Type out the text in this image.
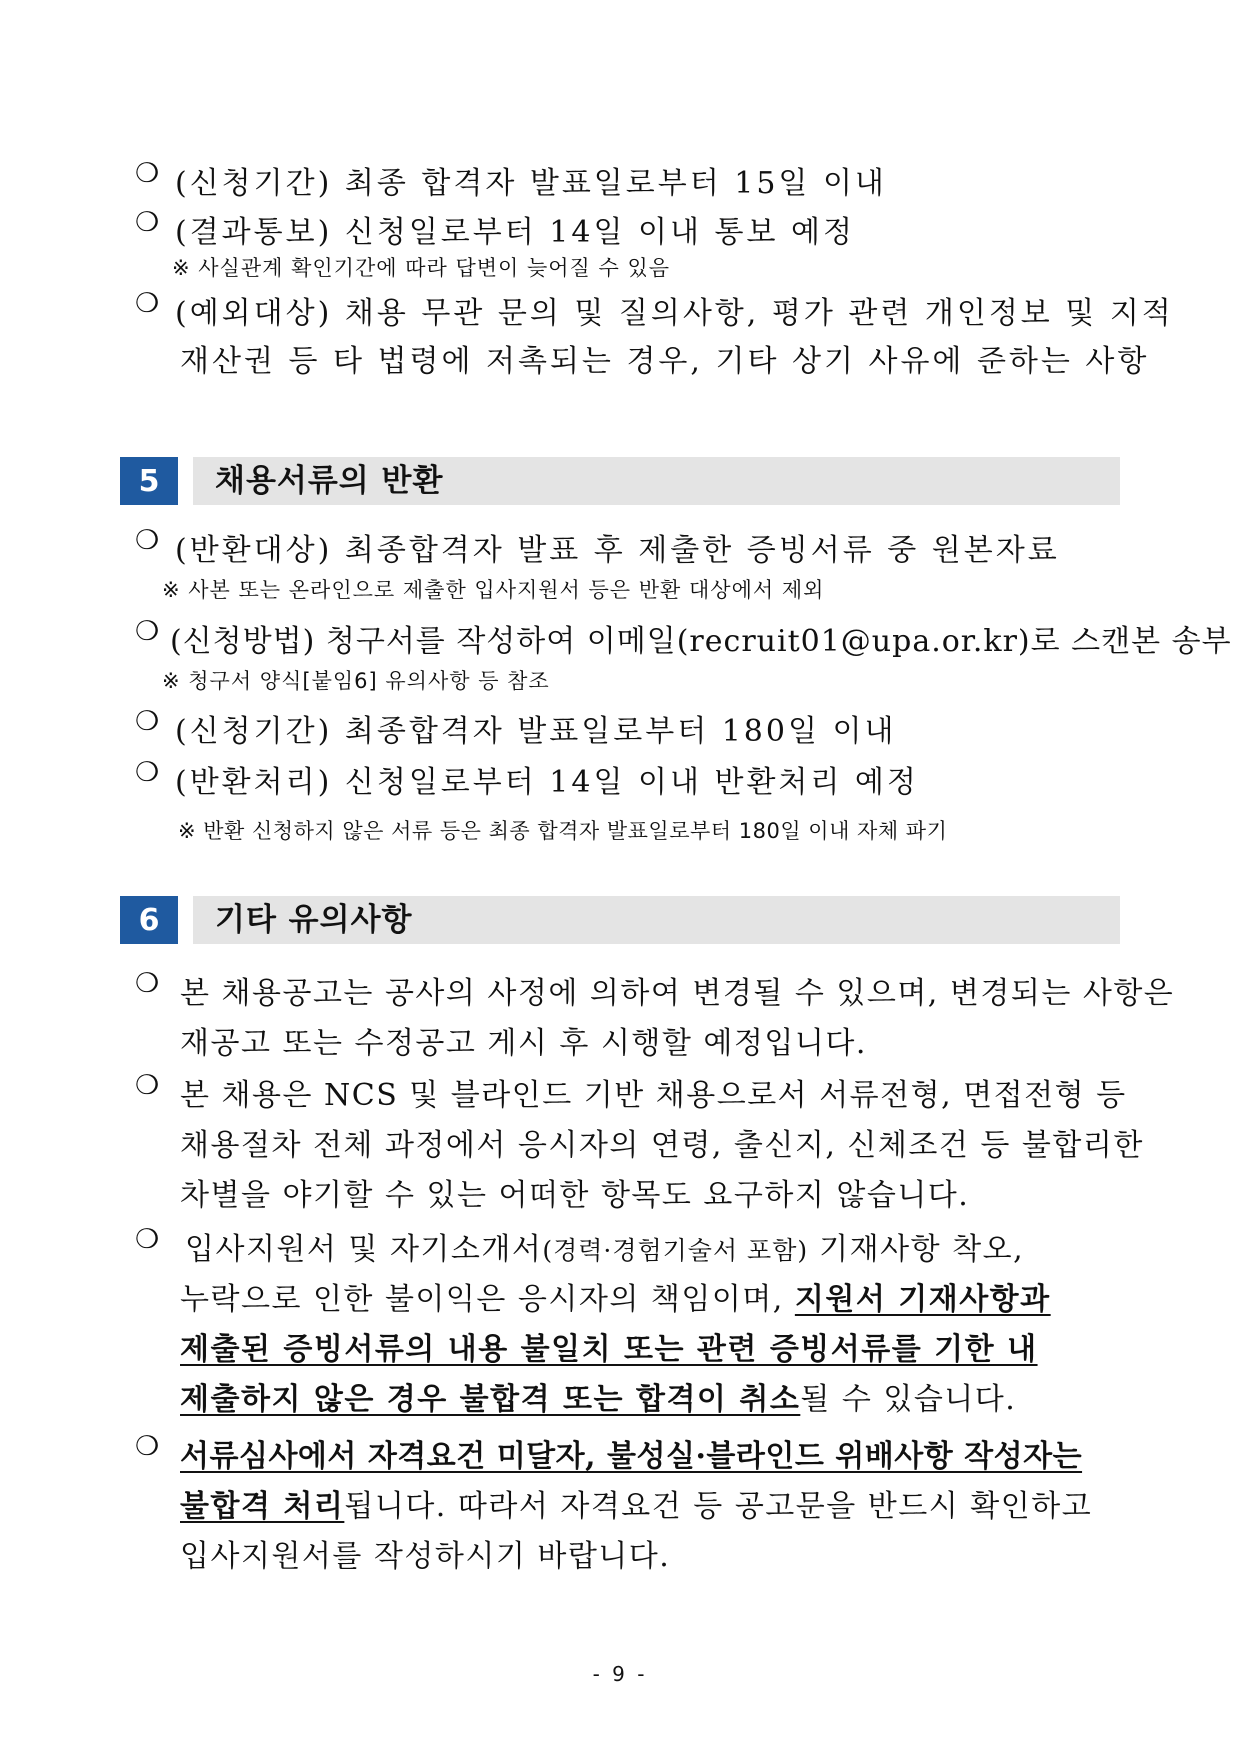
❍ (신청기간) 최종 합격자 발표일로부터 15일 이내
❍ (결과통보) 신청일로부터 14일 이내 통보 예정
※ 사실관계 확인기간에 따라 답변이 늦어질 수 있음
❍ (예외대상) 채용 무관 문의 및 질의사항, 평가 관련 개인정보 및 지적
재산권 등 타 법령에 저촉되는 경우, 기타 상기 사유에 준하는 사항
5	채용서류의 반환
❍ (반환대상) 최종합격자 발표 후 제출한 증빙서류 중 원본자료
※ 사본 또는 온라인으로 제출한 입사지원서 등은 반환 대상에서 제외
❍ (신청방법) 청구서를 작성하여 이메일(recruit01@upa.or.kr)로 스캔본 송부
※ 청구서 양식[붙임6] 유의사항 등 참조
❍ (신청기간) 최종합격자 발표일로부터 180일 이내
❍ (반환처리) 신청일로부터 14일 이내 반환처리 예정
※ 반환 신청하지 않은 서류 등은 최종 합격자 발표일로부터 180일 이내 자체 파기
6	기타 유의사항
❍ 본 채용공고는 공사의 사정에 의하여 변경될 수 있으며, 변경되는 사항은
재공고 또는 수정공고 게시 후 시행할 예정입니다.
❍ 본 채용은 NCS 및 블라인드 기반 채용으로서 서류전형, 면접전형 등
채용절차 전체 과정에서 응시자의 연령, 출신지, 신체조건 등 불합리한
차별을 야기할 수 있는 어떠한 항목도 요구하지 않습니다.
❍ 입사지원서 및 자기소개서(경력·경험기술서 포함) 기재사항 착오,
누락으로 인한 불이익은 응시자의 책임이며, 지원서 기재사항과
제출된 증빙서류의 내용 불일치 또는 관련 증빙서류를 기한 내
제출하지 않은 경우 불합격 또는 합격이 취소될 수 있습니다.
❍ 서류심사에서 자격요건 미달자, 불성실·블라인드 위배사항 작성자는
불합격 처리됩니다. 따라서 자격요건 등 공고문을 반드시 확인하고
입사지원서를 작성하시기 바랍니다.
- 9 -
